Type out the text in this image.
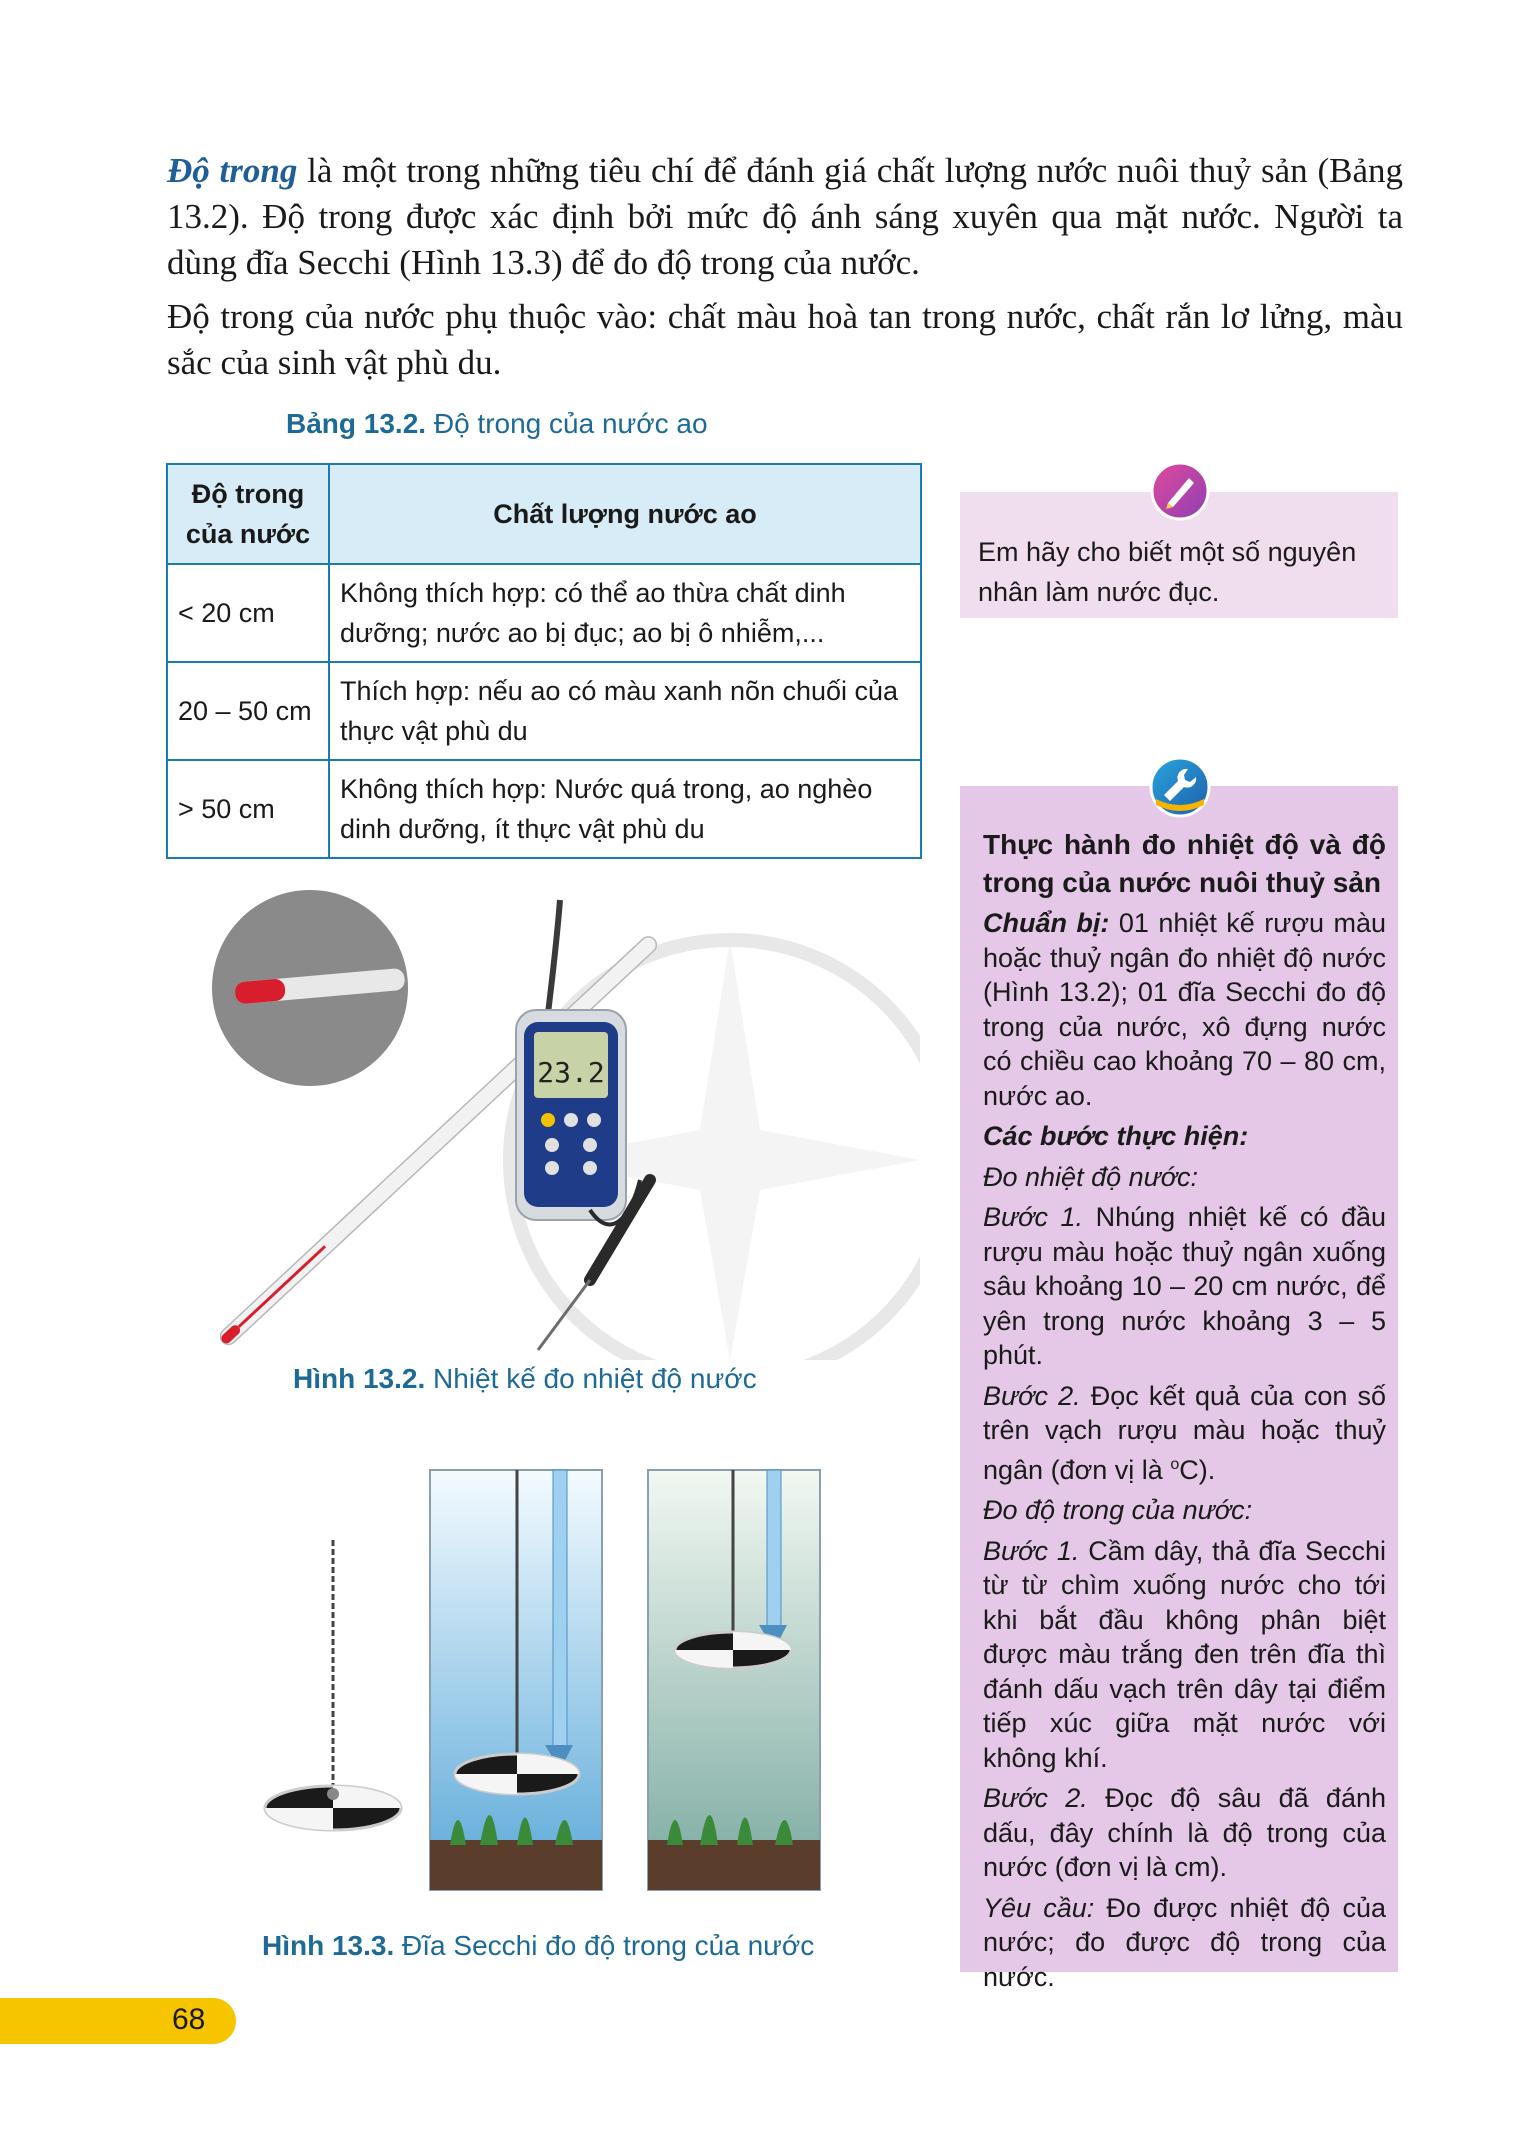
Độ trong là một trong những tiêu chí để đánh giá chất lượng nước nuôi thuỷ sản (Bảng 13.2). Độ trong được xác định bởi mức độ ánh sáng xuyên qua mặt nước. Người ta dùng đĩa Secchi (Hình 13.3) để đo độ trong của nước.

Độ trong của nước phụ thuộc vào: chất màu hoà tan trong nước, chất rắn lơ lửng, màu sắc của sinh vật phù du.

Bảng 13.2. Độ trong của nước ao
Độ trong của nước	Chất lượng nước ao
< 20 cm	Không thích hợp: có thể ao thừa chất dinh dưỡng; nước ao bị đục; ao bị ô nhiễm,...
20 – 50 cm	Thích hợp: nếu ao có màu xanh nõn chuối của thực vật phù du
> 50 cm	Không thích hợp: Nước quá trong, ao nghèo dinh dưỡng, ít thực vật phù du
Em hãy cho biết một số nguyên nhân làm nước đục.

Thực hành đo nhiệt độ và độ trong của nước nuôi thuỷ sản

Chuẩn bị: 01 nhiệt kế rượu màu hoặc thuỷ ngân đo nhiệt độ nước (Hình 13.2); 01 đĩa Secchi đo độ trong của nước, xô đựng nước có chiều cao khoảng 70 – 80 cm, nước ao.

Các bước thực hiện:

Đo nhiệt độ nước:

Bước 1. Nhúng nhiệt kế có đầu rượu màu hoặc thuỷ ngân xuống sâu khoảng 10 – 20 cm nước, để yên trong nước khoảng 3 – 5 phút.

Bước 2. Đọc kết quả của con số trên vạch rượu màu hoặc thuỷ ngân (đơn vị là $^o$C).

Đo độ trong của nước:

Bước 1. Cầm dây, thả đĩa Secchi từ từ chìm xuống nước cho tới khi bắt đầu không phân biệt được màu trắng đen trên đĩa thì đánh dấu vạch trên dây tại điểm tiếp xúc giữa mặt nước với không khí.

Bước 2. Đọc độ sâu đã đánh dấu, đây chính là độ trong của nước (đơn vị là cm).

Yêu cầu: Đo được nhiệt độ của nước; đo được độ trong của nước.

23.2
Hình 13.2. Nhiệt kế đo nhiệt độ nước
Hình 13.3. Đĩa Secchi đo độ trong của nước
68
